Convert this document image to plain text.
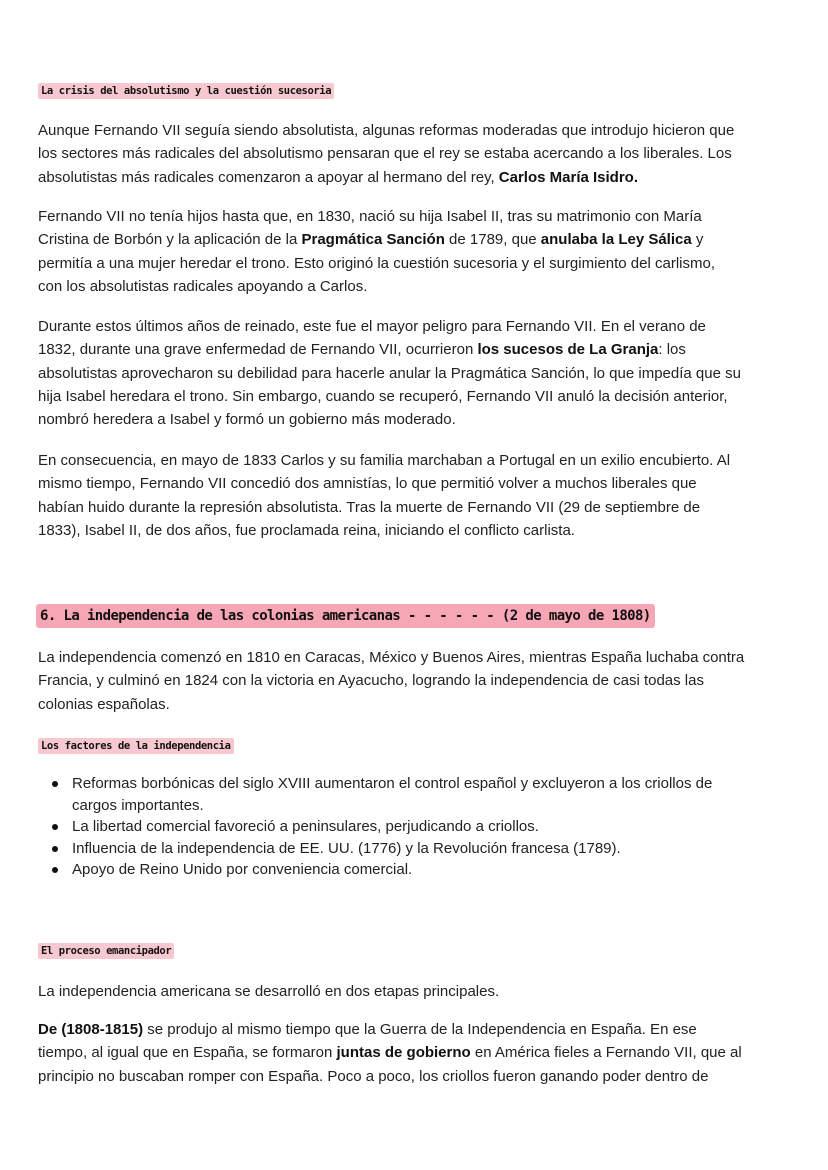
La crisis del absolutismo y la cuestión sucesoria

Aunque Fernando VII seguía siendo absolutista, algunas reformas moderadas que introdujo hicieron que
los sectores más radicales del absolutismo pensaran que el rey se estaba acercando a los liberales. Los
absolutistas más radicales comenzaron a apoyar al hermano del rey, Carlos María Isidro.

Fernando VII no tenía hijos hasta que, en 1830, nació su hija Isabel II, tras su matrimonio con María
Cristina de Borbón y la aplicación de la Pragmática Sanción de 1789, que anulaba la Ley Sálica y
permitía a una mujer heredar el trono. Esto originó la cuestión sucesoria y el surgimiento del carlismo,
con los absolutistas radicales apoyando a Carlos.

Durante estos últimos años de reinado, este fue el mayor peligro para Fernando VII. En el verano de
1832, durante una grave enfermedad de Fernando VII, ocurrieron los sucesos de La Granja: los
absolutistas aprovecharon su debilidad para hacerle anular la Pragmática Sanción, lo que impedía que su
hija Isabel heredara el trono. Sin embargo, cuando se recuperó, Fernando VII anuló la decisión anterior,
nombró heredera a Isabel y formó un gobierno más moderado.

En consecuencia, en mayo de 1833 Carlos y su familia marchaban a Portugal en un exilio encubierto. Al
mismo tiempo, Fernando VII concedió dos amnistías, lo que permitió volver a muchos liberales que
habían huido durante la represión absolutista. Tras la muerte de Fernando VII (29 de septiembre de
1833), Isabel II, de dos años, fue proclamada reina, iniciando el conflicto carlista.

6. La independencia de las colonias americanas - - - - - - (2 de mayo de 1808)

La independencia comenzó en 1810 en Caracas, México y Buenos Aires, mientras España luchaba contra
Francia, y culminó en 1824 con la victoria en Ayacucho, logrando la independencia de casi todas las
colonias españolas.

Los factores de la independencia
Reformas borbónicas del siglo XVIII aumentaron el control español y excluyeron a los criollos de
cargos importantes.
La libertad comercial favoreció a peninsulares, perjudicando a criollos.
Influencia de la independencia de EE. UU. (1776) y la Revolución francesa (1789).
Apoyo de Reino Unido por conveniencia comercial.
El proceso emancipador

La independencia americana se desarrolló en dos etapas principales.

De (1808-1815) se produjo al mismo tiempo que la Guerra de la Independencia en España. En ese
tiempo, al igual que en España, se formaron juntas de gobierno en América fieles a Fernando VII, que al
principio no buscaban romper con España. Poco a poco, los criollos fueron ganando poder dentro de
